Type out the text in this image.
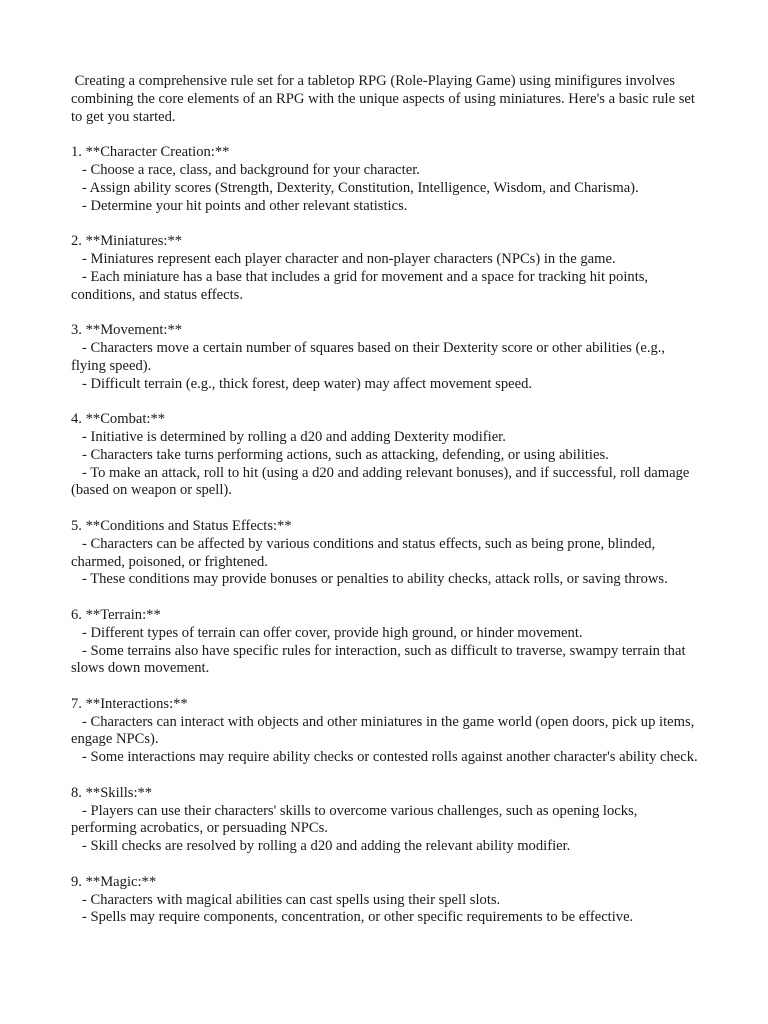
Creating a comprehensive rule set for a tabletop RPG (Role-Playing Game) using minifigures involves combining the core elements of an RPG with the unique aspects of using miniatures. Here's a basic rule set to get you started.

1. **Character Creation:**
- Choose a race, class, and background for your character.
- Assign ability scores (Strength, Dexterity, Constitution, Intelligence, Wisdom, and Charisma).
- Determine your hit points and other relevant statistics.
2. **Miniatures:**
- Miniatures represent each player character and non-player characters (NPCs) in the game.
- Each miniature has a base that includes a grid for movement and a space for tracking hit points, conditions, and status effects.
3. **Movement:**
- Characters move a certain number of squares based on their Dexterity score or other abilities (e.g., flying speed).
- Difficult terrain (e.g., thick forest, deep water) may affect movement speed.
4. **Combat:**
- Initiative is determined by rolling a d20 and adding Dexterity modifier.
- Characters take turns performing actions, such as attacking, defending, or using abilities.
- To make an attack, roll to hit (using a d20 and adding relevant bonuses), and if successful, roll damage (based on weapon or spell).
5. **Conditions and Status Effects:**
- Characters can be affected by various conditions and status effects, such as being prone, blinded, charmed, poisoned, or frightened.
- These conditions may provide bonuses or penalties to ability checks, attack rolls, or saving throws.
6. **Terrain:**
- Different types of terrain can offer cover, provide high ground, or hinder movement.
- Some terrains also have specific rules for interaction, such as difficult to traverse, swampy terrain that slows down movement.
7. **Interactions:**
- Characters can interact with objects and other miniatures in the game world (open doors, pick up items, engage NPCs).
- Some interactions may require ability checks or contested rolls against another character's ability check.
8. **Skills:**
- Players can use their characters' skills to overcome various challenges, such as opening locks, performing acrobatics, or persuading NPCs.
- Skill checks are resolved by rolling a d20 and adding the relevant ability modifier.
9. **Magic:**
- Characters with magical abilities can cast spells using their spell slots.
- Spells may require components, concentration, or other specific requirements to be effective.
